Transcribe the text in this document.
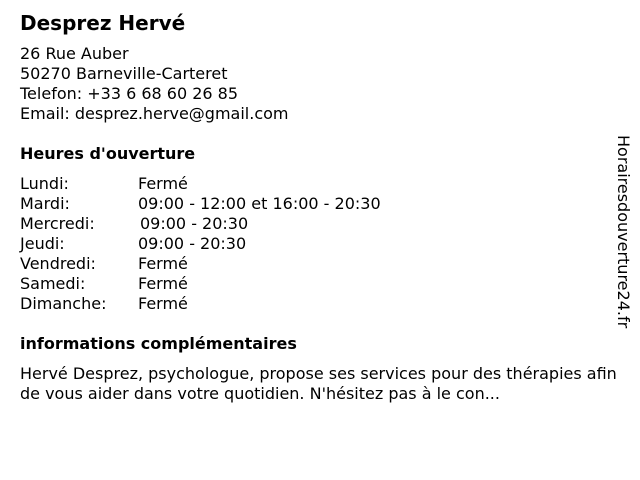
Desprez Hervé
26 Rue Auber
50270 Barneville-Carteret
Telefon: +33 6 68 60 26 85
Email: desprez.herve@gmail.com
Heures d'ouverture
Lundi:	Fermé
Mardi:	09:00 - 12:00 et 16:00 - 20:30
Mercredi:	09:00 - 20:30
Jeudi:	09:00 - 20:30
Vendredi:	Fermé
Samedi:	Fermé
Dimanche: Fermé
informations complémentaires
Hervé Desprez, psychologue, propose ses services pour des thérapies afin de vous aider dans votre quotidien. N'hésitez pas à le con...
Horairesdouverture24.fr
